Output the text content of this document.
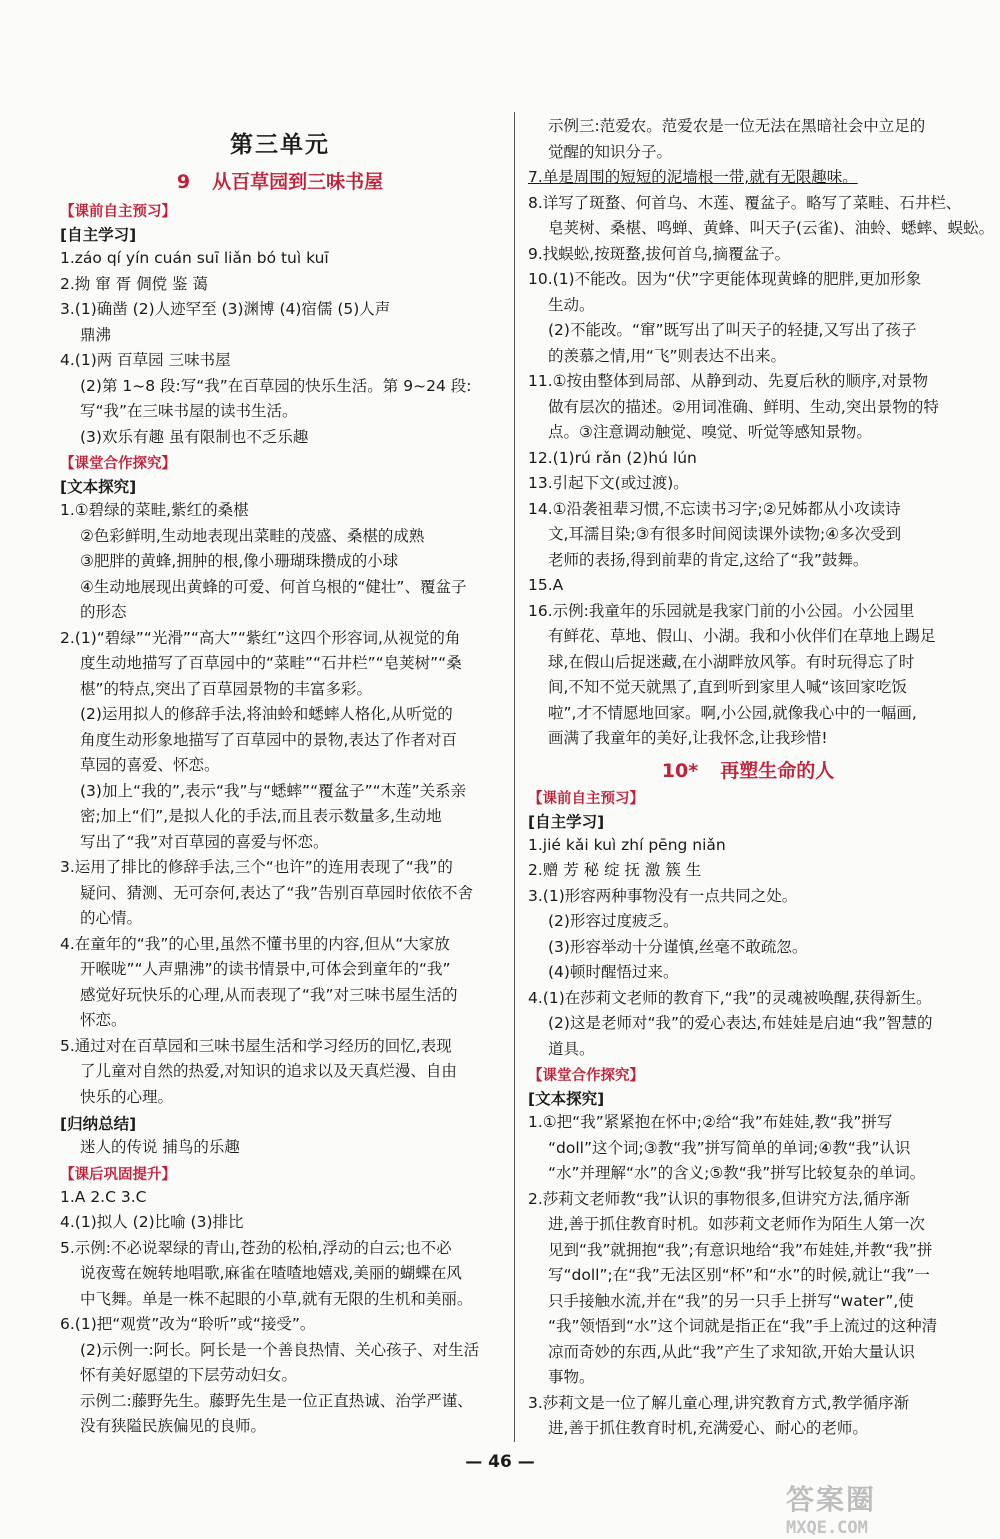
第三单元
9 从百草园到三味书屋
【课前自主预习】
[自主学习]
1.záo qí yín cuán suī liǎn bó tuì kuī
2.拗 窜 胥 倜傥 鉴 蔼
3.(1)确凿 (2)人迹罕至 (3)渊博 (4)宿儒 (5)人声
鼎沸
4.(1)两 百草园 三味书屋
(2)第 1~8 段:写“我”在百草园的快乐生活。第 9~24 段:
写“我”在三味书屋的读书生活。
(3)欢乐有趣 虽有限制也不乏乐趣
【课堂合作探究】
[文本探究]
1.①碧绿的菜畦,紫红的桑椹
②色彩鲜明,生动地表现出菜畦的茂盛、桑椹的成熟
③肥胖的黄蜂,拥肿的根,像小珊瑚珠攒成的小球
④生动地展现出黄蜂的可爱、何首乌根的“健壮”、覆盆子
的形态
2.(1)“碧绿”“光滑”“高大”“紫红”这四个形容词,从视觉的角
度生动地描写了百草园中的“菜畦”“石井栏”“皂荚树”“桑
椹”的特点,突出了百草园景物的丰富多彩。
(2)运用拟人的修辞手法,将油蛉和蟋蟀人格化,从听觉的
角度生动形象地描写了百草园中的景物,表达了作者对百
草园的喜爱、怀恋。
(3)加上“我的”,表示“我”与“蟋蟀”“覆盆子”“木莲”关系亲
密;加上“们”,是拟人化的手法,而且表示数量多,生动地
写出了“我”对百草园的喜爱与怀恋。
3.运用了排比的修辞手法,三个“也许”的连用表现了“我”的
疑问、猜测、无可奈何,表达了“我”告别百草园时依依不舍
的心情。
4.在童年的“我”的心里,虽然不懂书里的内容,但从“大家放
开喉咙”“人声鼎沸”的读书情景中,可体会到童年的“我”
感觉好玩快乐的心理,从而表现了“我”对三味书屋生活的
怀恋。
5.通过对在百草园和三味书屋生活和学习经历的回忆,表现
了儿童对自然的热爱,对知识的追求以及天真烂漫、自由
快乐的心理。
[归纳总结]
迷人的传说 捕鸟的乐趣
【课后巩固提升】
1.A 2.C 3.C
4.(1)拟人 (2)比喻 (3)排比
5.示例:不必说翠绿的青山,苍劲的松柏,浮动的白云;也不必
说夜莺在婉转地唱歌,麻雀在喳喳地嬉戏,美丽的蝴蝶在风
中飞舞。单是一株不起眼的小草,就有无限的生机和美丽。
6.(1)把“观赏”改为“聆听”或“接受”。
(2)示例一:阿长。阿长是一个善良热情、关心孩子、对生活
怀有美好愿望的下层劳动妇女。
示例二:藤野先生。藤野先生是一位正直热诚、治学严谨、
没有狭隘民族偏见的良师。
示例三:范爱农。范爱农是一位无法在黑暗社会中立足的
觉醒的知识分子。
7.单是周围的短短的泥墙根一带,就有无限趣味。
8.详写了斑蝥、何首乌、木莲、覆盆子。略写了菜畦、石井栏、
皂荚树、桑椹、鸣蝉、黄蜂、叫天子(云雀)、油蛉、蟋蟀、蜈蚣。
9.找蜈蚣,按斑蝥,拔何首乌,摘覆盆子。
10.(1)不能改。因为“伏”字更能体现黄蜂的肥胖,更加形象
生动。
(2)不能改。“窜”既写出了叫天子的轻捷,又写出了孩子
的羡慕之情,用“飞”则表达不出来。
11.①按由整体到局部、从静到动、先夏后秋的顺序,对景物
做有层次的描述。②用词准确、鲜明、生动,突出景物的特
点。③注意调动触觉、嗅觉、听觉等感知景物。
12.(1)rú rǎn (2)hú lún
13.引起下文(或过渡)。
14.①沿袭祖辈习惯,不忘读书习字;②兄姊都从小攻读诗
文,耳濡目染;③有很多时间阅读课外读物;④多次受到
老师的表扬,得到前辈的肯定,这给了“我”鼓舞。
15.A
16.示例:我童年的乐园就是我家门前的小公园。小公园里
有鲜花、草地、假山、小湖。我和小伙伴们在草地上踢足
球,在假山后捉迷藏,在小湖畔放风筝。有时玩得忘了时
间,不知不觉天就黑了,直到听到家里人喊“该回家吃饭
啦”,才不情愿地回家。啊,小公园,就像我心中的一幅画,
画满了我童年的美好,让我怀念,让我珍惜!
10* 再塑生命的人
【课前自主预习】
[自主学习]
1.jié kǎi kuì zhí pēng niǎn
2.赠 芳 秘 绽 抚 激 簇 生
3.(1)形容两种事物没有一点共同之处。
(2)形容过度疲乏。
(3)形容举动十分谨慎,丝毫不敢疏忽。
(4)顿时醒悟过来。
4.(1)在莎莉文老师的教育下,“我”的灵魂被唤醒,获得新生。
(2)这是老师对“我”的爱心表达,布娃娃是启迪“我”智慧的
道具。
【课堂合作探究】
[文本探究]
1.①把“我”紧紧抱在怀中;②给“我”布娃娃,教“我”拼写
“doll”这个词;③教“我”拼写简单的单词;④教“我”认识
“水”并理解“水”的含义;⑤教“我”拼写比较复杂的单词。
2.莎莉文老师教“我”认识的事物很多,但讲究方法,循序渐
进,善于抓住教育时机。如莎莉文老师作为陌生人第一次
见到“我”就拥抱“我”;有意识地给“我”布娃娃,并教“我”拼
写“doll”;在“我”无法区别“杯”和“水”的时候,就让“我”一
只手接触水流,并在“我”的另一只手上拼写“water”,使
“我”领悟到“水”这个词就是指正在“我”手上流过的这种清
凉而奇妙的东西,从此“我”产生了求知欲,开始大量认识
事物。
3.莎莉文是一位了解儿童心理,讲究教育方式,教学循序渐
进,善于抓住教育时机,充满爱心、耐心的老师。
— 46 —
答案圈
MXQE.COM
